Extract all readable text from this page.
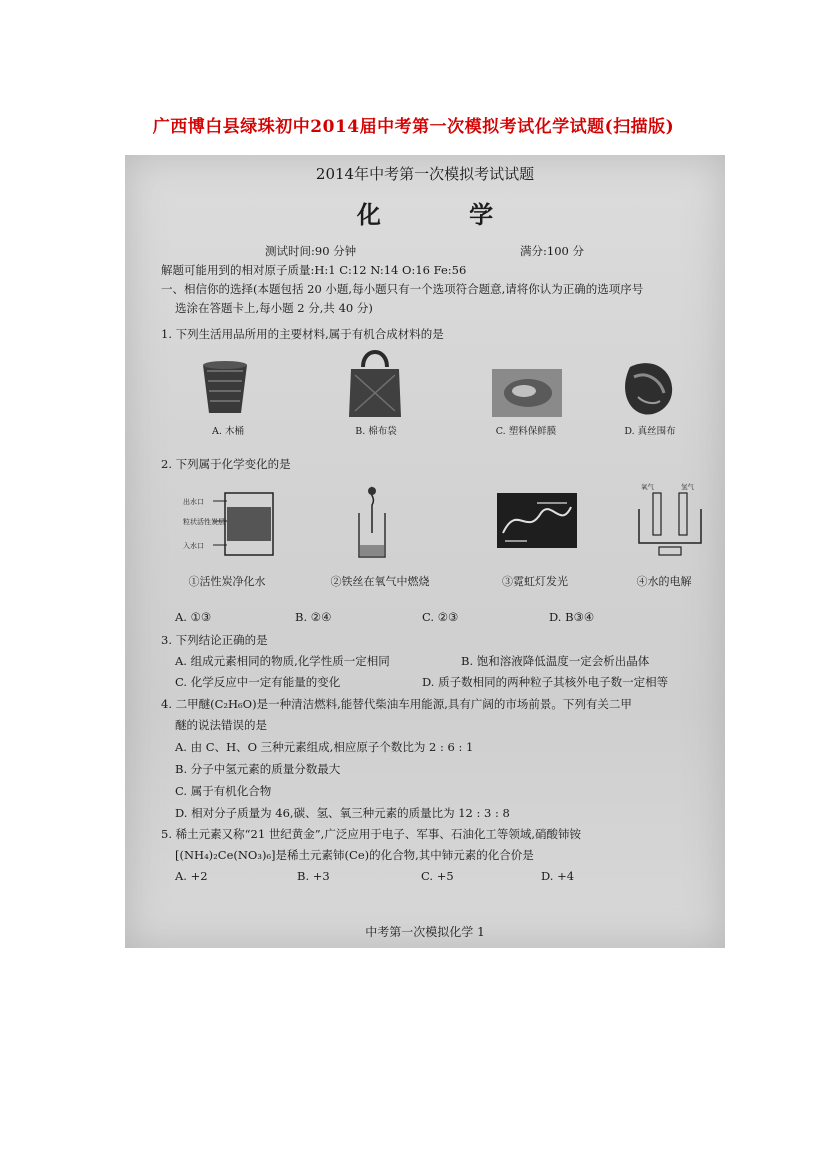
广西博白县绿珠初中2014届中考第一次模拟考试化学试题(扫描版)
2014年中考第一次模拟考试试题
化 学
测试时间:90 分钟	满分:100 分
解题可能用到的相对原子质量:H:1 C:12 N:14 O:16 Fe:56
一、相信你的选择(本题包括 20 小题,每小题只有一个选项符合题意,请将你认为正确的选项序号
选涂在答题卡上,每小题 2 分,共 40 分)
1. 下列生活用品所用的主要材料,属于有机合成材料的是
A. 木桶	B. 棉布袋	C. 塑料保鲜膜	D. 真丝围布
2. 下列属于化学变化的是
出水口
粒状活性炭层
入水口
氧气	氢气
①活性炭净化水	②铁丝在氧气中燃烧	③霓虹灯发光	④水的电解
A. ①③	B. ②④	C. ②③	D. B③④
3. 下列结论正确的是
A. 组成元素相同的物质,化学性质一定相同	B. 饱和溶液降低温度一定会析出晶体
C. 化学反应中一定有能量的变化	D. 质子数相同的两种粒子其核外电子数一定相等
4. 二甲醚(C₂H₆O)是一种清洁燃料,能替代柴油车用能源,具有广阔的市场前景。下列有关二甲
醚的说法错误的是
A. 由 C、H、O 三种元素组成,相应原子个数比为 2 : 6 : 1
B. 分子中氢元素的质量分数最大
C. 属于有机化合物
D. 相对分子质量为 46,碳、氢、氧三种元素的质量比为 12 : 3 : 8
5. 稀土元素又称“21 世纪黄金”,广泛应用于电子、军事、石油化工等领域,硝酸铈铵
[(NH₄)₂Ce(NO₃)₆]是稀土元素铈(Ce)的化合物,其中铈元素的化合价是
A. +2	B. +3	C. +5	D. +4
中考第一次模拟化学 1
